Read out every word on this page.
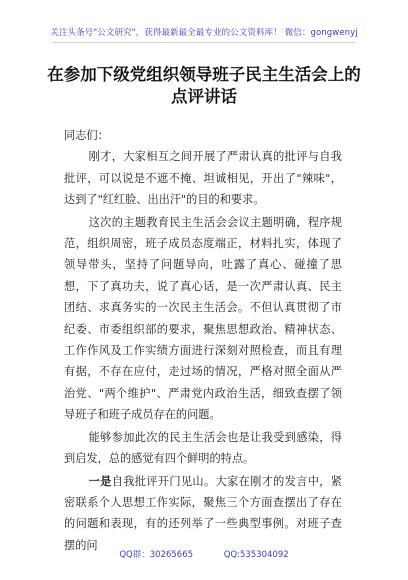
关注头条号"公文研究"，获得最新最全最专业的公文资料库！ 微信：gongwenyj
在参加下级党组织领导班子民主生活会上的点评讲话

同志们：

刚才，大家相互之间开展了严肃认真的批评与自我批评，可以说是不遮不掩、坦诚相见，开出了"辣味"，达到了"红红脸、出出汗"的目的和要求。

这次的主题教育民主生活会会议主题明确，程序规范，组织周密，班子成员态度端正，材料扎实，体现了领导带头，坚持了问题导向，吐露了真心、碰撞了思想，下了真功夫，说了真心话，是一次严肃认真、民主团结、求真务实的一次民主生活会。不但认真贯彻了市纪委、市委组织部的要求，聚焦思想政治、精神状态、工作作风及工作实绩方面进行深刻对照检查，而且有理有据，不存在应付，走过场的情况，严格对照全面从严治党、"两个维护"、严肃党内政治生活，细致查摆了领导班子和班子成员存在的问题。

能够参加此次的民主生活会也是让我受到感染，得到启发，总的感觉有四个鲜明的特点。

一是自我批评开门见山。大家在刚才的发言中，紧密联系个人思想工作实际，聚焦三个方面查摆出了存在的问题和表现，有的还列举了一些典型事例。对班子查摆的问

QQ群：30265665	QQ:535304092
